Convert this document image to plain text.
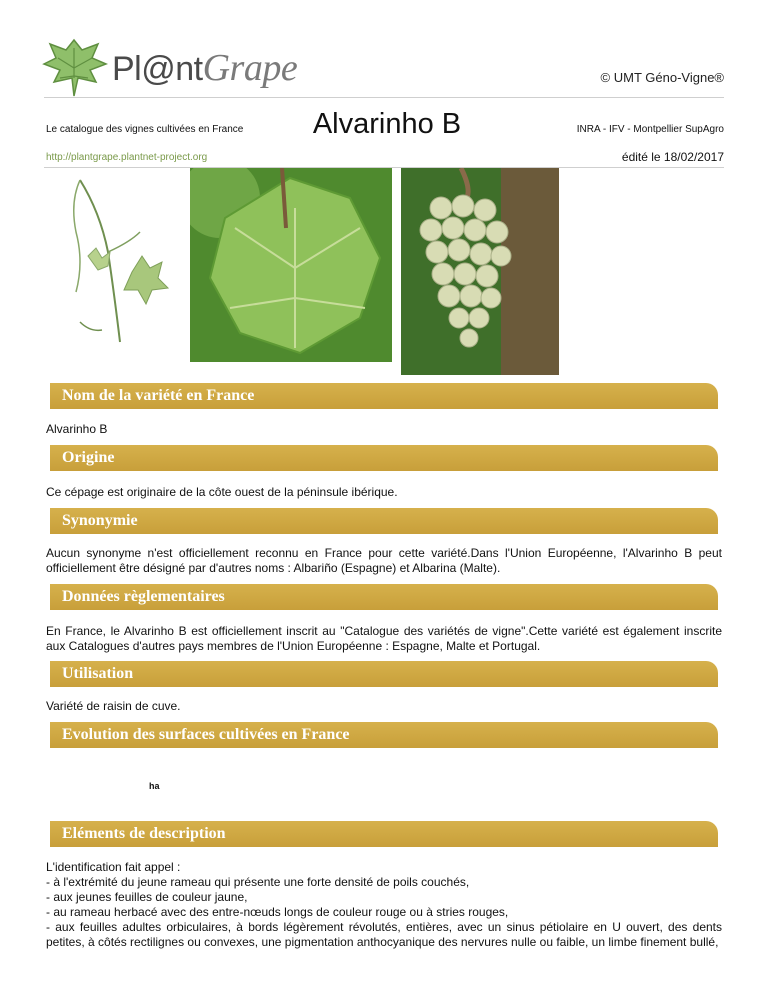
Pl@ntGrape	© UMT Géno-Vigne®
Le catalogue des vignes cultivées en France	Alvarinho B	INRA - IFV - Montpellier SupAgro
http://plantgrape.plantnet-project.org	édité le 18/02/2017
Nom de la variété en France
Alvarinho B
Origine
Ce cépage est originaire de la côte ouest de la péninsule ibérique.
Synonymie
Aucun synonyme n'est officiellement reconnu en France pour cette variété.Dans l'Union Européenne, l'Alvarinho B peut officiellement être désigné par d'autres noms : Albariño (Espagne) et Albarina (Malte).
Données règlementaires
En France, le Alvarinho B est officiellement inscrit au "Catalogue des variétés de vigne".Cette variété est également inscrite aux Catalogues d'autres pays membres de l'Union Européenne : Espagne, Malte et Portugal.
Utilisation
Variété de raisin de cuve.
Evolution des surfaces cultivées en France
ha
Eléments de description
L'identification fait appel :
- à l'extrémité du jeune rameau qui présente une forte densité de poils couchés,
- aux jeunes feuilles de couleur jaune,
- au rameau herbacé avec des entre-nœuds longs de couleur rouge ou à stries rouges,
- aux feuilles adultes orbiculaires, à bords légèrement révolutés, entières, avec un sinus pétiolaire en U ouvert, des dents petites, à côtés rectilignes ou convexes, une pigmentation anthocyanique des nervures nulle ou faible, un limbe finement bullé,
